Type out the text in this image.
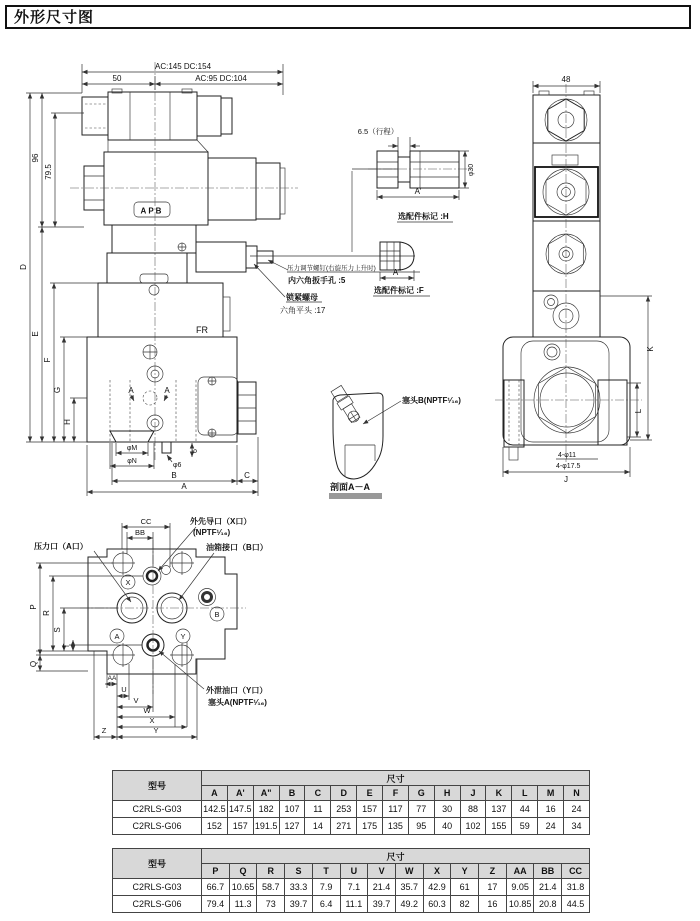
外形尺寸图
AC:145 DC:154
50	AC:95 DC:104
APB
FR
A	A
D
96
79.5
E
F
G
H
φM
φN
φ6
6
B	C
A
压力调节螺钉(右旋压力上升时)
内六角扳手孔 :5
锁紧螺母
六角平头 :17
6.5（行程）
φ30
A'
选配件标记 :H
A"
选配件标记 :F
塞头B(NPTF¹⁄₁₆)
剖面A－A
48
K
L
4-φ11
4-φ17.5
J
X
B
A	Y
CC
BB
P
R
S
T
Q
AA
U
V
W
X
Y
Z
外先导口（X口）
(NPTF¹⁄₁₆)
压力口（A口）	油箱接口（B口）
外泄油口（Y口）
塞头A(NPTF¹⁄₁₆)
型号	尺寸														
	A	A'	A"	B	C	D	E	F	G	H	J	K	L	M	N
C2RLS-G03	142.5	147.5	182	107	11	253	157	117	77	30	88	137	44	16	24
C2RLS-G06	152	157	191.5	127	14	271	175	135	95	40	102	155	59	24	34
型号	尺寸													
	P	Q	R	S	T	U	V	W	X	Y	Z	AA	BB	CC
C2RLS-G03	66.7	10.65	58.7	33.3	7.9	7.1	21.4	35.7	42.9	61	17	9.05	21.4	31.8
C2RLS-G06	79.4	11.3	73	39.7	6.4	11.1	39.7	49.2	60.3	82	16	10.85	20.8	44.5
